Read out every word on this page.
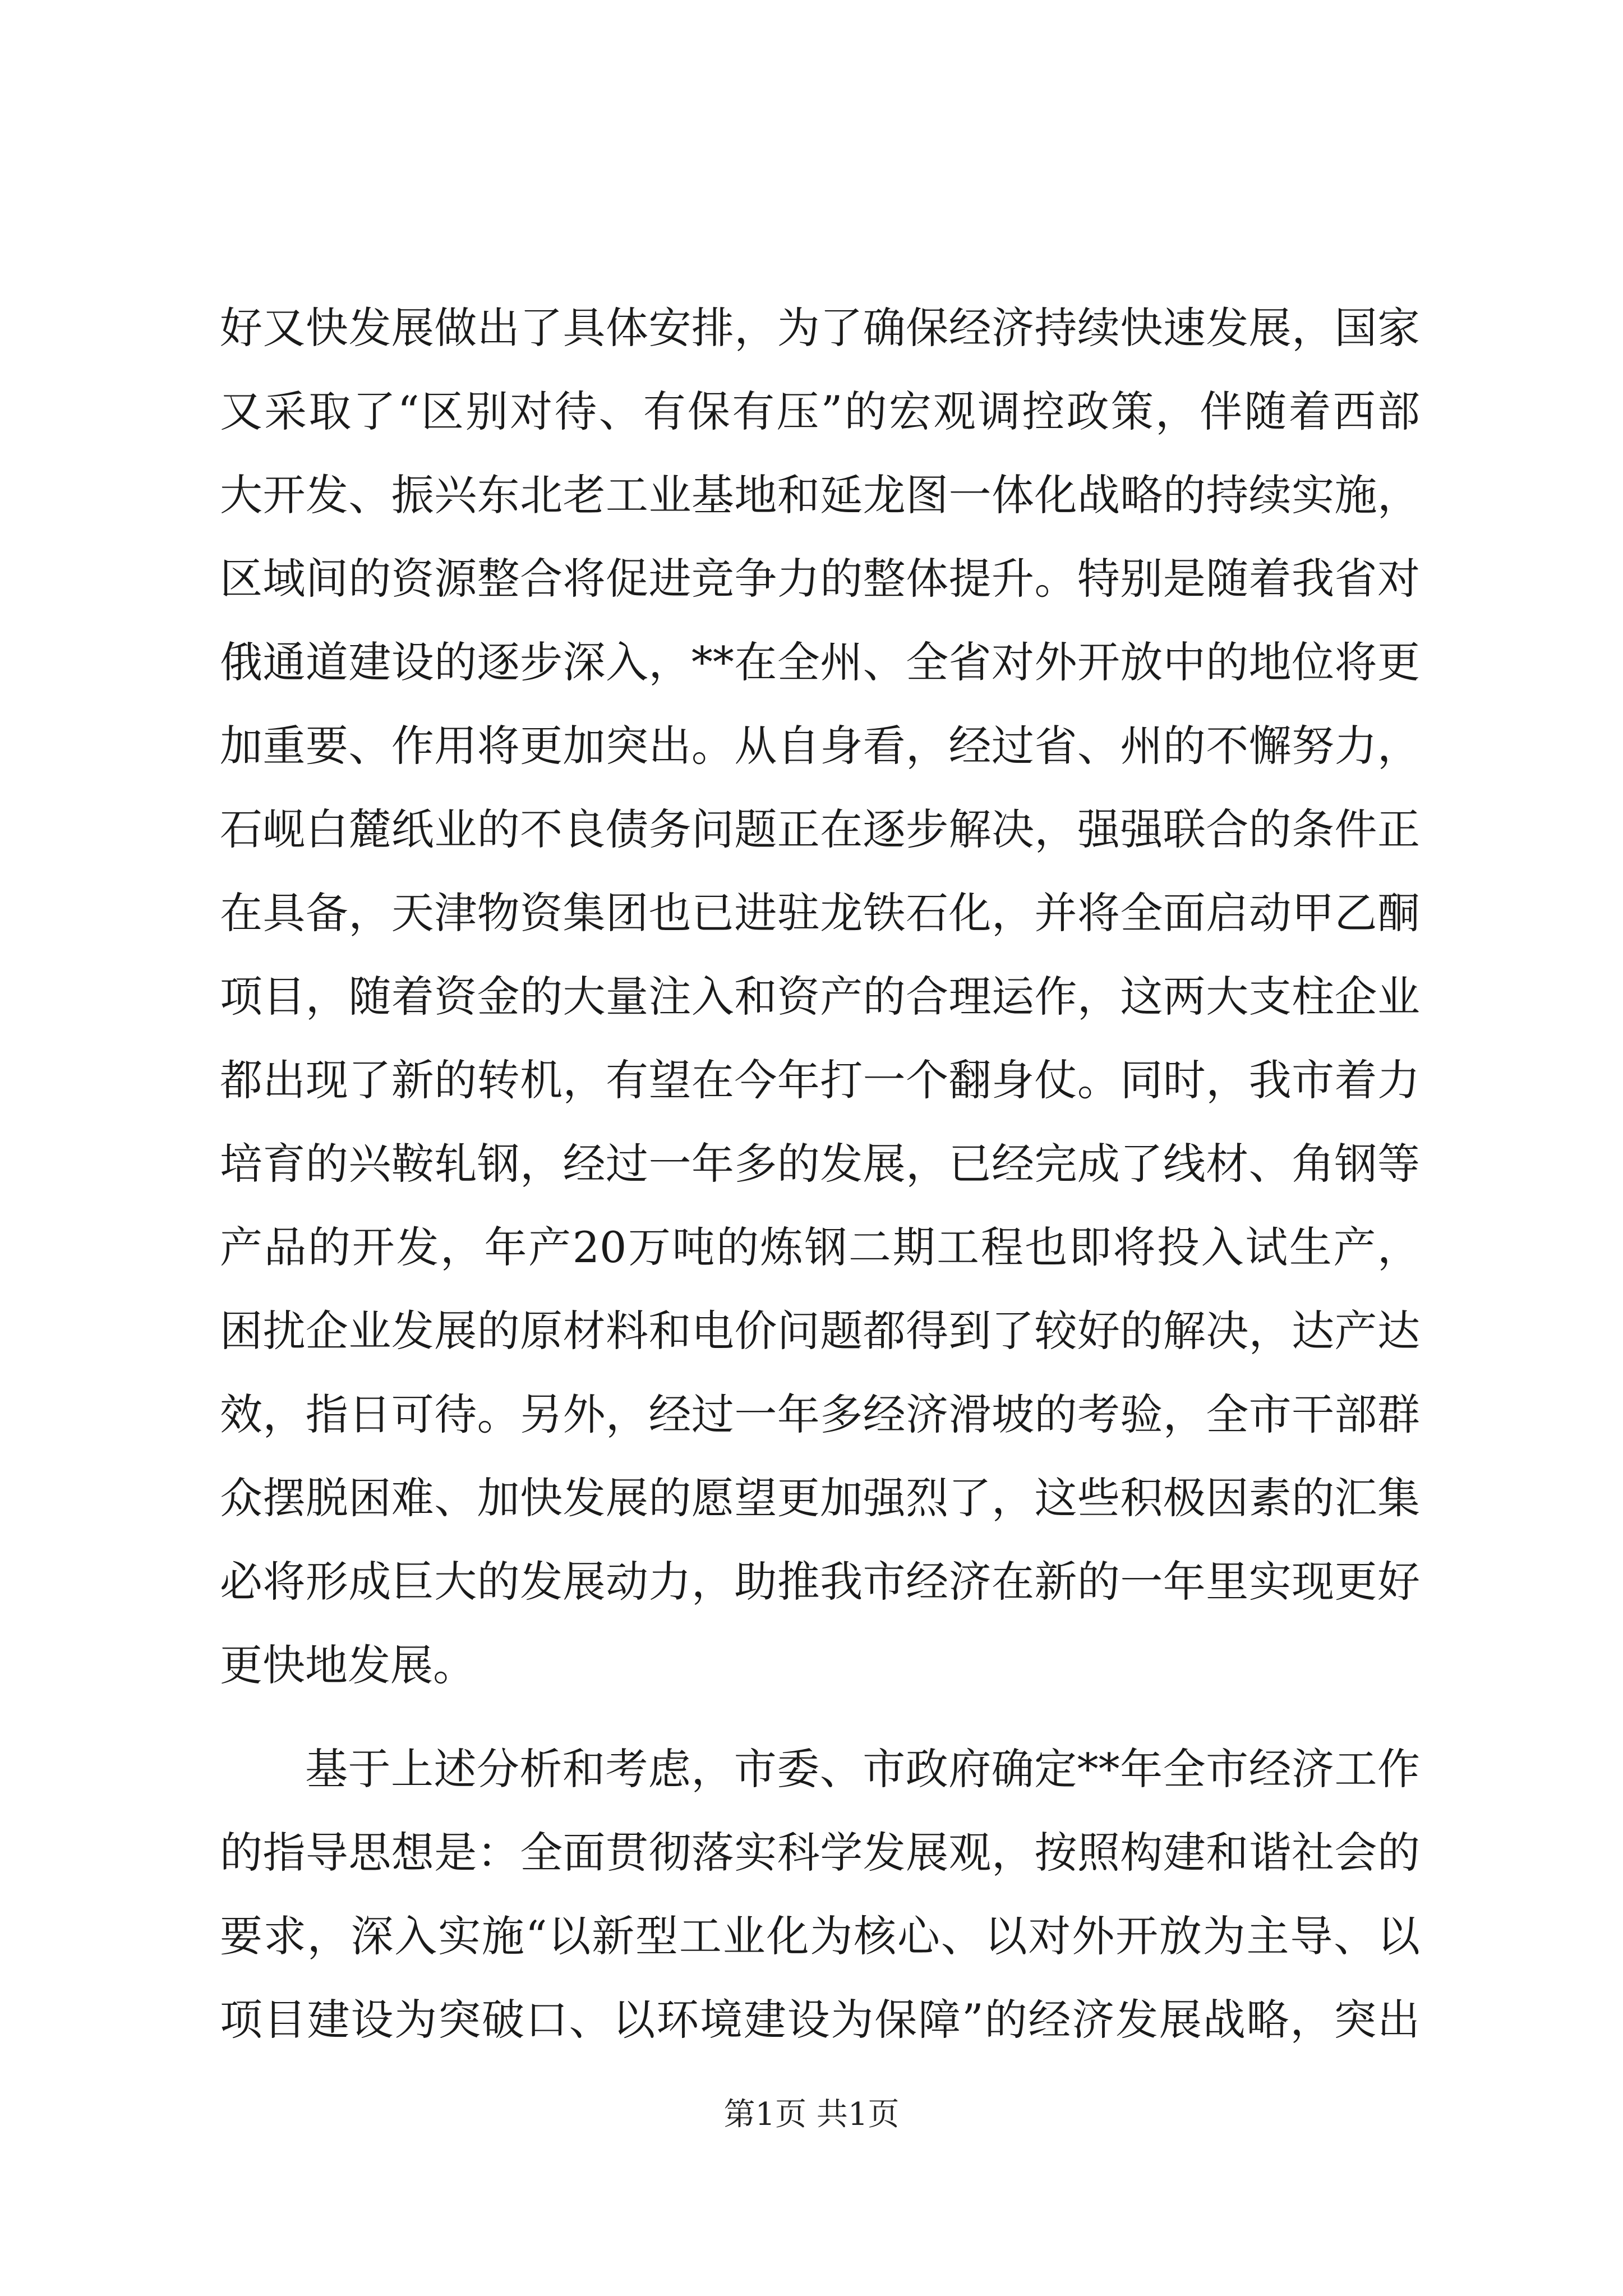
好又快发展做出了具体安排，为了确保经济持续快速发展，国家
又采取了“区别对待、有保有压”的宏观调控政策，伴随着西部
大开发、振兴东北老工业基地和延龙图一体化战略的持续实施，
区域间的资源整合将促进竞争力的整体提升。特别是随着我省对
俄通道建设的逐步深入，**在全州、全省对外开放中的地位将更
加重要、作用将更加突出。从自身看，经过省、州的不懈努力，
石岘白麓纸业的不良债务问题正在逐步解决，强强联合的条件正
在具备，天津物资集团也已进驻龙铁石化，并将全面启动甲乙酮
项目，随着资金的大量注入和资产的合理运作，这两大支柱企业
都出现了新的转机，有望在今年打一个翻身仗。同时，我市着力
培育的兴鞍轧钢，经过一年多的发展，已经完成了线材、角钢等
产品的开发，年产20万吨的炼钢二期工程也即将投入试生产，
困扰企业发展的原材料和电价问题都得到了较好的解决，达产达
效，指日可待。另外，经过一年多经济滑坡的考验，全市干部群
众摆脱困难、加快发展的愿望更加强烈了，这些积极因素的汇集
必将形成巨大的发展动力，助推我市经济在新的一年里实现更好
更快地发展。
基于上述分析和考虑，市委、市政府确定**年全市经济工作
的指导思想是：全面贯彻落实科学发展观，按照构建和谐社会的
要求，深入实施“以新型工业化为核心、以对外开放为主导、以
项目建设为突破口、以环境建设为保障”的经济发展战略，突出
第1页 共1页
